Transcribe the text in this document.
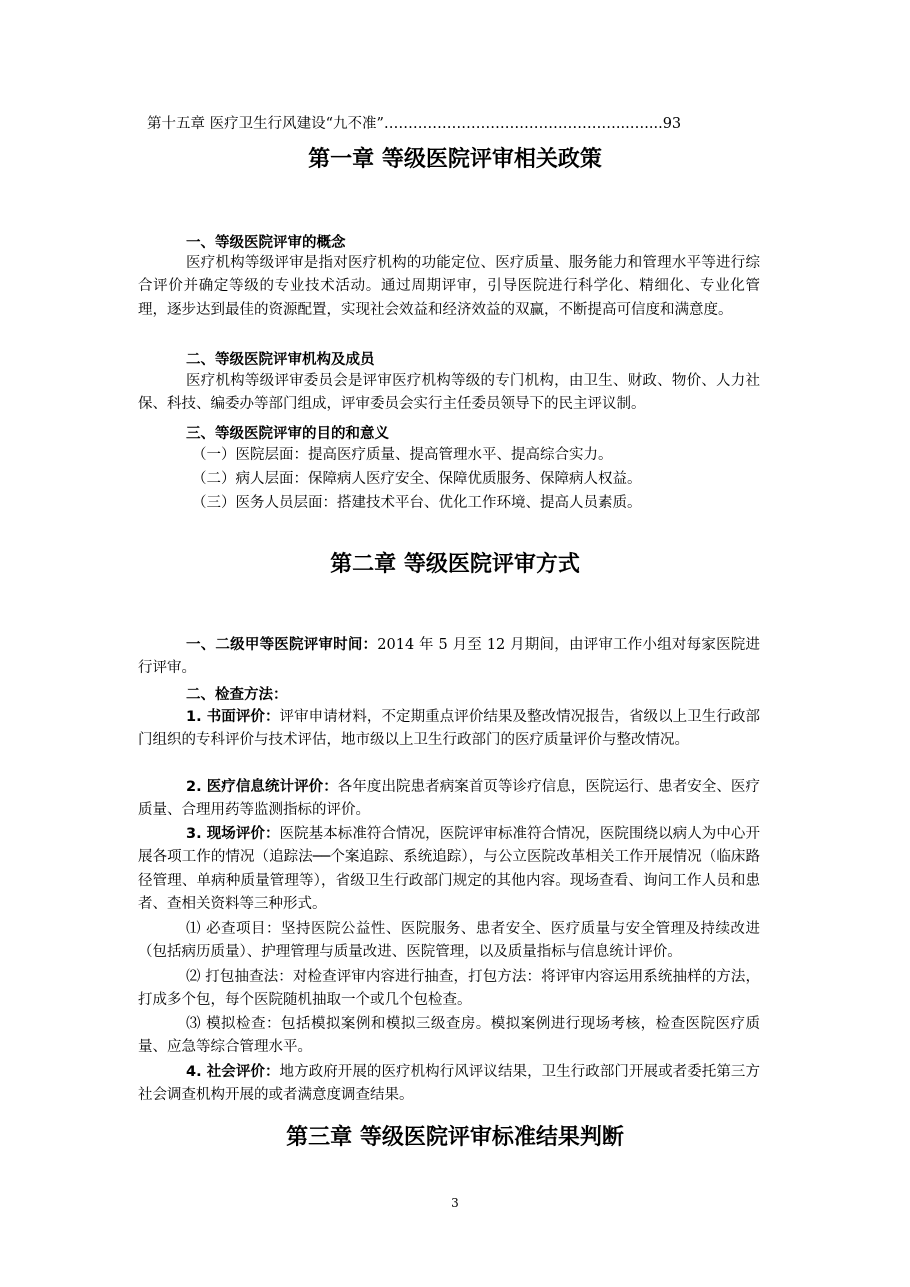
第十五章 医疗卫生行风建设“九不准”…………………………………………...…....93
第一章 等级医院评审相关政策
一、等级医院评审的概念

医疗机构等级评审是指对医疗机构的功能定位、医疗质量、服务能力和管理水平等进行综合评价并确定等级的专业技术活动。通过周期评审，引导医院进行科学化、精细化、专业化管理，逐步达到最佳的资源配置，实现社会效益和经济效益的双赢，不断提高可信度和满意度。

二、等级医院评审机构及成员

医疗机构等级评审委员会是评审医疗机构等级的专门机构，由卫生、财政、物价、人力社保、科技、编委办等部门组成，评审委员会实行主任委员领导下的民主评议制。

三、等级医院评审的目的和意义

（一）医院层面：提高医疗质量、提高管理水平、提高综合实力。

（二）病人层面：保障病人医疗安全、保障优质服务、保障病人权益。

（三）医务人员层面：搭建技术平台、优化工作环境、提高人员素质。

第二章 等级医院评审方式

一、二级甲等医院评审时间：2014 年 5 月至 12 月期间，由评审工作小组对每家医院进行评审。

二、检查方法：

1. 书面评价：评审申请材料，不定期重点评价结果及整改情况报告，省级以上卫生行政部门组织的专科评价与技术评估，地市级以上卫生行政部门的医疗质量评价与整改情况。

2. 医疗信息统计评价：各年度出院患者病案首页等诊疗信息，医院运行、患者安全、医疗质量、合理用药等监测指标的评价。

3. 现场评价：医院基本标准符合情况，医院评审标准符合情况，医院围绕以病人为中心开展各项工作的情况（追踪法──个案追踪、系统追踪），与公立医院改革相关工作开展情况（临床路径管理、单病种质量管理等），省级卫生行政部门规定的其他内容。现场查看、询问工作人员和患者、查相关资料等三种形式。

⑴ 必查项目：坚持医院公益性、医院服务、患者安全、医疗质量与安全管理及持续改进（包括病历质量）、护理管理与质量改进、医院管理，以及质量指标与信息统计评价。

⑵ 打包抽查法：对检查评审内容进行抽查，打包方法：将评审内容运用系统抽样的方法，打成多个包，每个医院随机抽取一个或几个包检查。

⑶ 模拟检查：包括模拟案例和模拟三级查房。模拟案例进行现场考核，检查医院医疗质量、应急等综合管理水平。

4. 社会评价：地方政府开展的医疗机构行风评议结果，卫生行政部门开展或者委托第三方社会调查机构开展的或者满意度调查结果。

第三章 等级医院评审标准结果判断
3
